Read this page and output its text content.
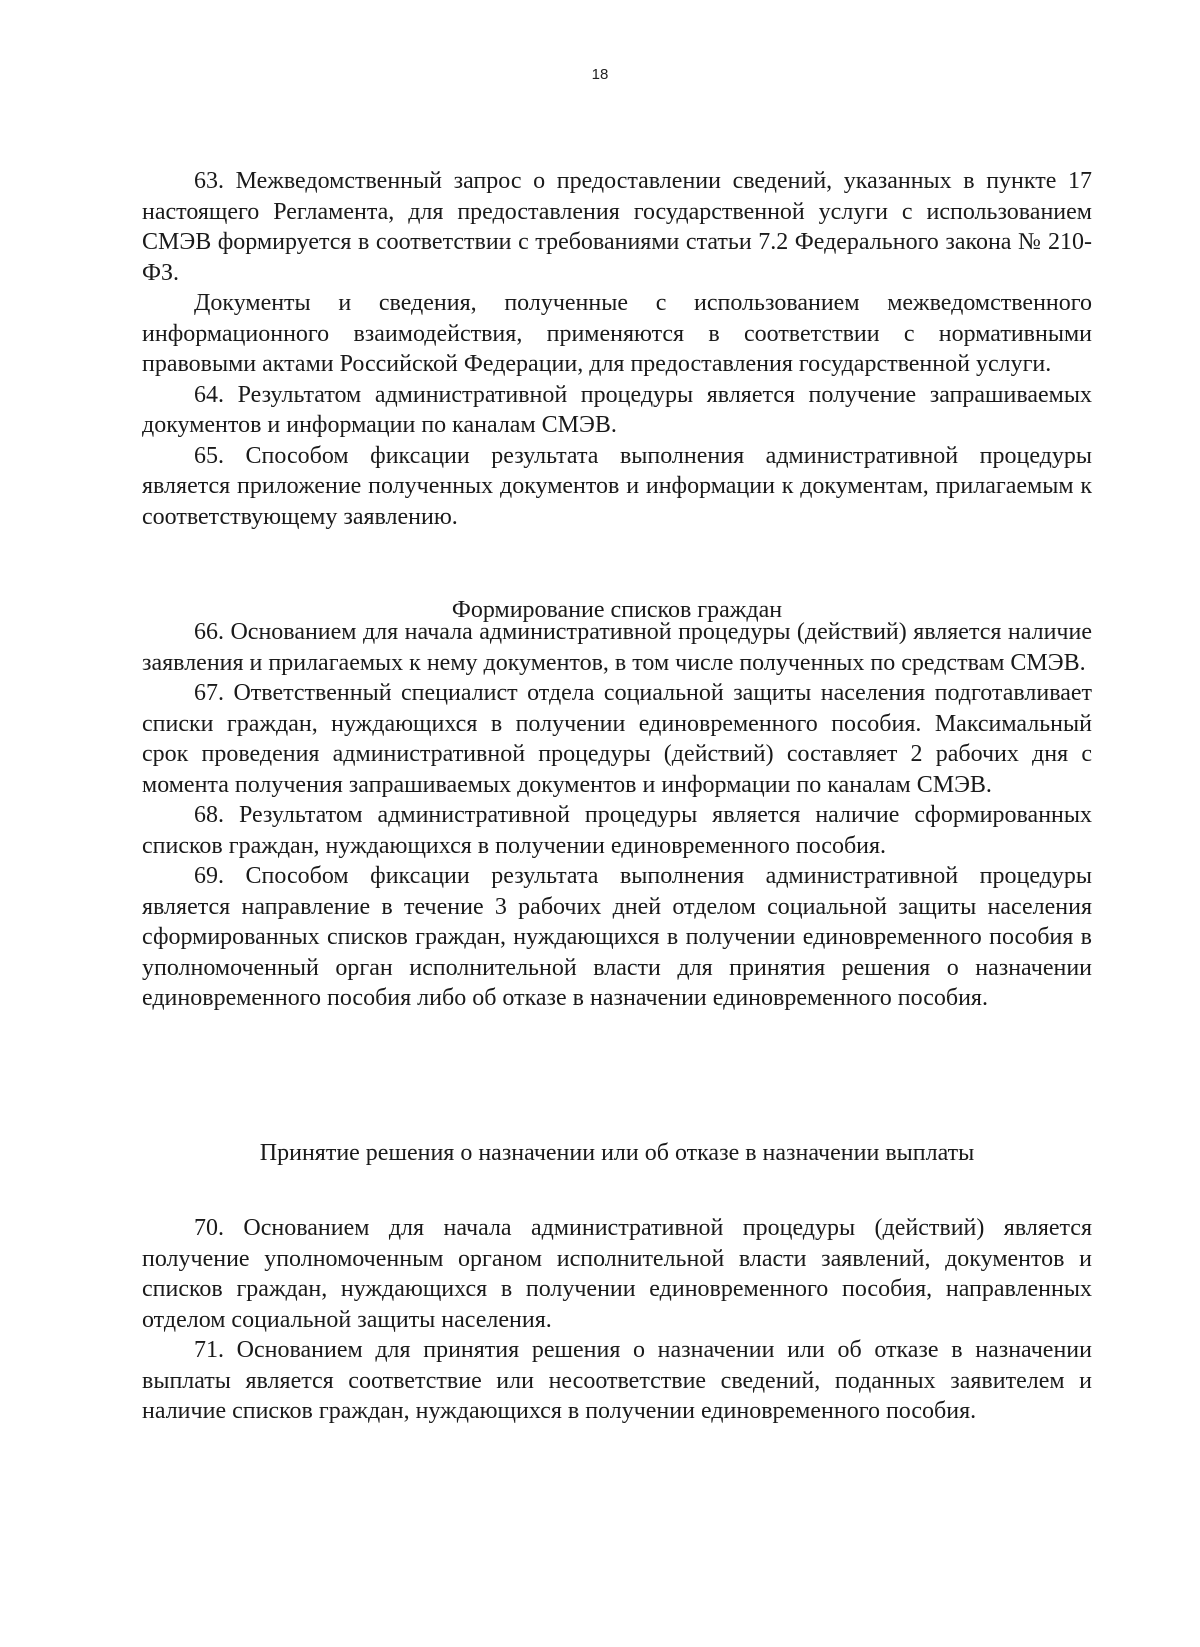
18

63. Межведомственный запрос о предоставлении сведений, указанных в пункте 17 настоящего Регламента, для предоставления государственной услуги с использованием СМЭВ формируется в соответствии с требованиями статьи 7.2 Федерального закона № 210-ФЗ.

Документы и сведения, полученные с использованием межведомственного информационного взаимодействия, применяются в соответствии с нормативными правовыми актами Российской Федерации, для предоставления государственной услуги.

64. Результатом административной процедуры является получение запрашиваемых документов и информации по каналам СМЭВ.

65. Способом фиксации результата выполнения административной процедуры является приложение полученных документов и информации к документам, прилагаемым к соответствующему заявлению.

Формирование списков граждан

66. Основанием для начала административной процедуры (действий) является наличие заявления и прилагаемых к нему документов, в том числе полученных по средствам СМЭВ.

67. Ответственный специалист отдела социальной защиты населения подготавливает списки граждан, нуждающихся в получении единовременного пособия. Максимальный срок проведения административной процедуры (действий) составляет 2 рабочих дня с момента получения запрашиваемых документов и информации по каналам СМЭВ.

68. Результатом административной процедуры является наличие сформированных списков граждан, нуждающихся в получении единовременного пособия.

69. Способом фиксации результата выполнения административной процедуры является направление в течение 3 рабочих дней отделом социальной защиты населения сформированных списков граждан, нуждающихся в получении единовременного пособия в уполномоченный орган исполнительной власти для принятия решения о назначении единовременного пособия либо об отказе в назначении единовременного пособия.

Принятие решения о назначении или об отказе в назначении выплаты

70. Основанием для начала административной процедуры (действий) является получение уполномоченным органом исполнительной власти заявлений, документов и списков граждан, нуждающихся в получении единовременного пособия, направленных отделом социальной защиты населения.

71. Основанием для принятия решения о назначении или об отказе в назначении выплаты является соответствие или несоответствие сведений, поданных заявителем и наличие списков граждан, нуждающихся в получении единовременного пособия.
